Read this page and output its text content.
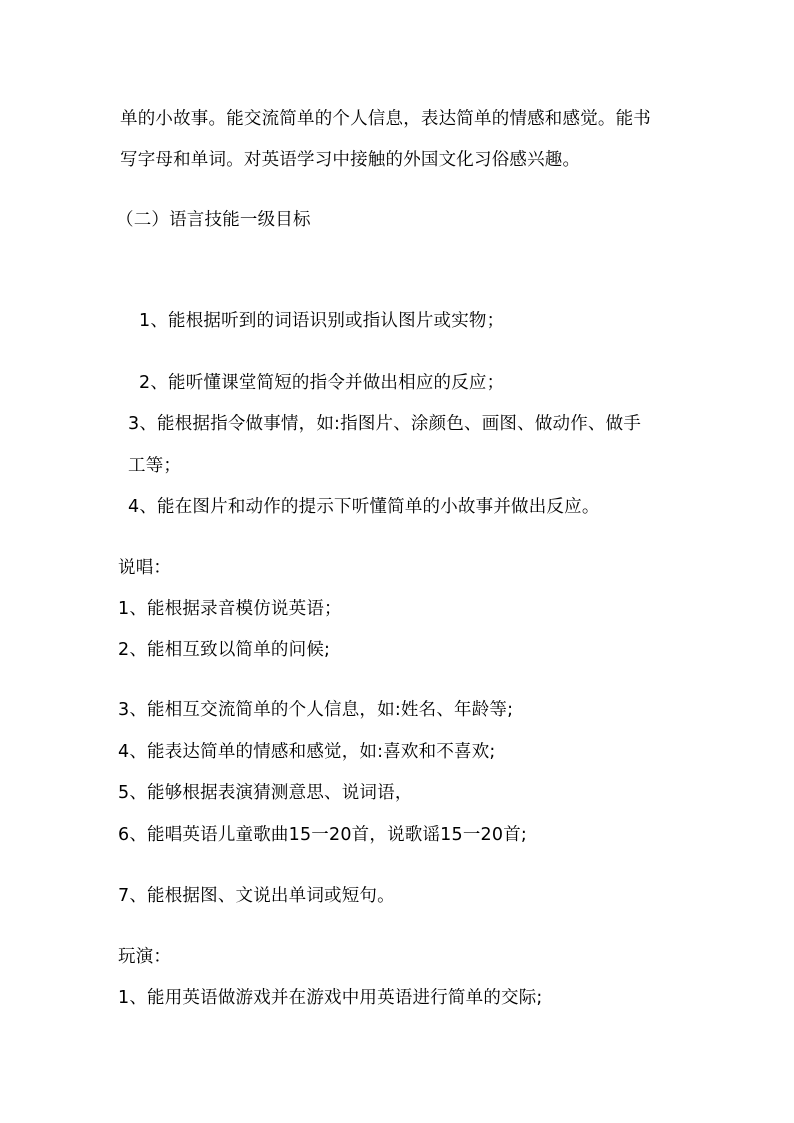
单的小故事。能交流简单的个人信息，表达简单的情感和感觉。能书
写字母和单词。对英语学习中接触的外国文化习俗感兴趣。
（二）语言技能一级目标
1、能根据听到的词语识别或指认图片或实物；
2、能听懂课堂简短的指令并做出相应的反应；
3、能根据指令做事情，如:指图片、涂颜色、画图、做动作、做手
工等；
4、能在图片和动作的提示下听懂简单的小故事并做出反应。
说唱：
1、能根据录音模仿说英语；
2、能相互致以简单的问候;
3、能相互交流简单的个人信息，如:姓名、年龄等;
4、能表达简单的情感和感觉，如:喜欢和不喜欢;
5、能够根据表演猜测意思、说词语，
6、能唱英语儿童歌曲15一20首，说歌谣15一20首;
7、能根据图、文说出单词或短句。
玩演：
1、能用英语做游戏并在游戏中用英语进行简单的交际;
